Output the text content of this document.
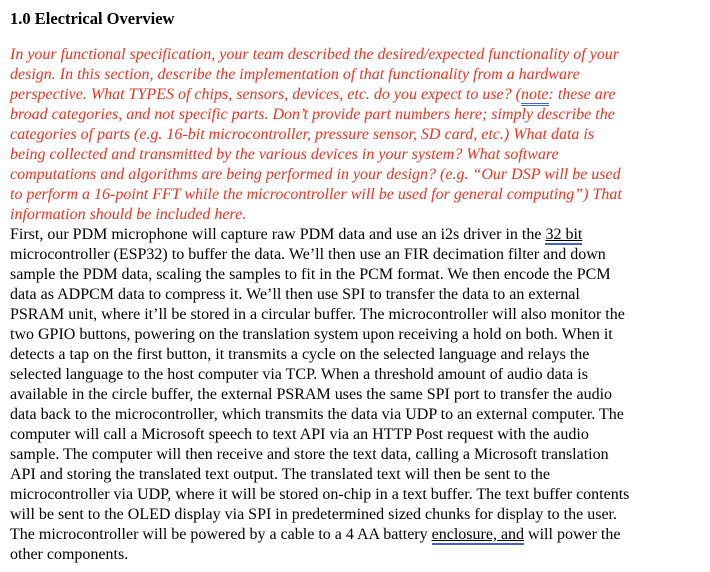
1.0 Electrical Overview
In your functional specification, your team described the desired/expected functionality of your
design. In this section, describe the implementation of that functionality from a hardware
perspective. What TYPES of chips, sensors, devices, etc. do you expect to use? (note: these are
broad categories, and not specific parts. Don’t provide part numbers here; simply describe the
categories of parts (e.g. 16-bit microcontroller, pressure sensor, SD card, etc.) What data is
being collected and transmitted by the various devices in your system? What software
computations and algorithms are being performed in your design? (e.g. “Our DSP will be used
to perform a 16-point FFT while the microcontroller will be used for general computing”) That
information should be included here.
First, our PDM microphone will capture raw PDM data and use an i2s driver in the 32 bit
microcontroller (ESP32) to buffer the data. We’ll then use an FIR decimation filter and down
sample the PDM data, scaling the samples to fit in the PCM format. We then encode the PCM
data as ADPCM data to compress it. We’ll then use SPI to transfer the data to an external
PSRAM unit, where it’ll be stored in a circular buffer. The microcontroller will also monitor the
two GPIO buttons, powering on the translation system upon receiving a hold on both. When it
detects a tap on the first button, it transmits a cycle on the selected language and relays the
selected language to the host computer via TCP. When a threshold amount of audio data is
available in the circle buffer, the external PSRAM uses the same SPI port to transfer the audio
data back to the microcontroller, which transmits the data via UDP to an external computer. The
computer will call a Microsoft speech to text API via an HTTP Post request with the audio
sample. The computer will then receive and store the text data, calling a Microsoft translation
API and storing the translated text output. The translated text will then be sent to the
microcontroller via UDP, where it will be stored on-chip in a text buffer. The text buffer contents
will be sent to the OLED display via SPI in predetermined sized chunks for display to the user.
The microcontroller will be powered by a cable to a 4 AA battery enclosure, and will power the
other components.
